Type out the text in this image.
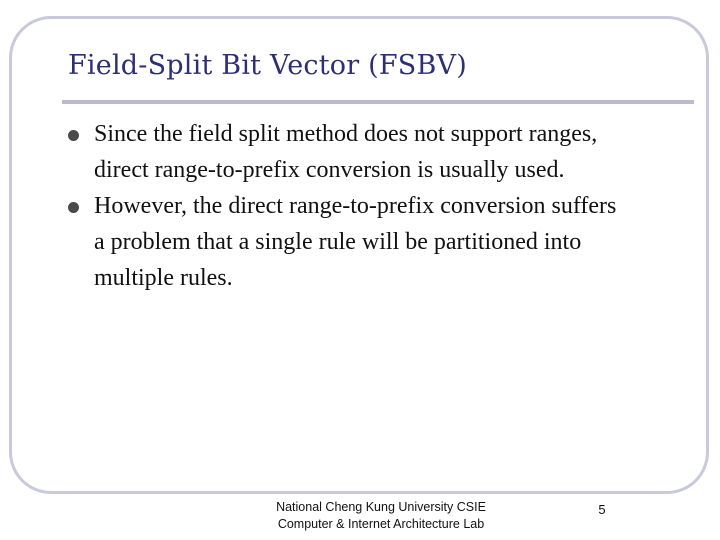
Field-Split Bit Vector (FSBV)
Since the field split method does not support ranges, direct range-to-prefix conversion is usually used.
However, the direct range-to-prefix conversion suffers a problem that a single rule will be partitioned into multiple rules.
National Cheng Kung University CSIE
Computer & Internet Architecture Lab
5
